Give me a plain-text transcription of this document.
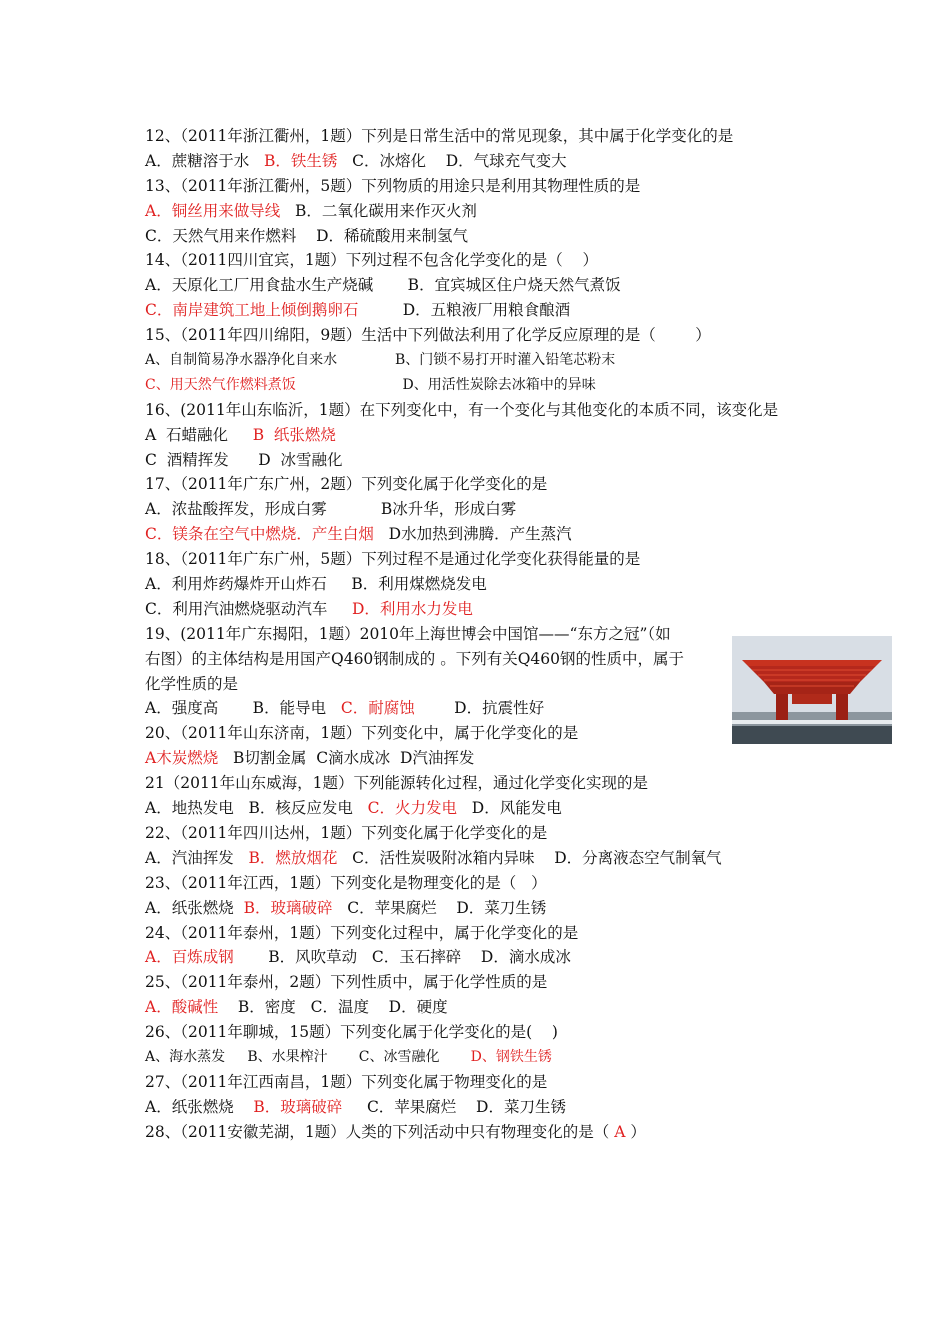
12、（2011年浙江衢州，1题）下列是日常生活中的常见现象，其中属于化学变化的是
A．蔗糖溶于水   B．铁生锈   C．冰熔化    D．气球充气变大
13、（2011年浙江衢州，5题）下列物质的用途只是利用其物理性质的是
A．铜丝用来做导线   B．二氧化碳用来作灭火剂
C．天然气用来作燃料    D．稀硫酸用来制氢气
14、（2011四川宜宾，1题）下列过程不包含化学变化的是（    ）
A．天原化工厂用食盐水生产烧碱       B．宜宾城区住户烧天然气煮饭
C．南岸建筑工地上倾倒鹅卵石         D．五粮液厂用粮食酿酒
15、（2011年四川绵阳，9题）生活中下列做法利用了化学反应原理的是（        ）
A、自制简易净水器净化自来水             B、门锁不易打开时灌入铅笔芯粉末
C、用天然气作燃料煮饭                        D、用活性炭除去冰箱中的异味
16、(2011年山东临沂，1题）在下列变化中，有一个变化与其他变化的本质不同，该变化是
A  石蜡融化     B  纸张燃烧
C  酒精挥发      D  冰雪融化
17、（2011年广东广州，2题）下列变化属于化学变化的是
A．浓盐酸挥发，形成白雾           B冰升华，形成白雾
C．镁条在空气中燃烧．产生白烟   D水加热到沸腾．产生蒸汽
18、（2011年广东广州，5题）下列过程不是通过化学变化获得能量的是
A．利用炸药爆炸开山炸石     B．利用煤燃烧发电
C．利用汽油燃烧驱动汽车     D．利用水力发电
19、(2011年广东揭阳，1题）2010年上海世博会中国馆——“东方之冠”（如
右图）的主体结构是用国产Q460钢制成的 。下列有关Q460钢的性质中，属于
化学性质的是
A．强度高       B．能导电   C．耐腐蚀        D．抗震性好
20、（2011年山东济南，1题）下列变化中，属于化学变化的是
A木炭燃烧   B切割金属  C滴水成冰  D汽油挥发
21（2011年山东威海，1题）下列能源转化过程，通过化学变化实现的是
A．地热发电   B．核反应发电   C．火力发电   D．风能发电
22、（2011年四川达州，1题）下列变化属于化学变化的是
A．汽油挥发   B．燃放烟花   C．活性炭吸附冰箱内异味    D．分离液态空气制氧气
23、（2011年江西，1题）下列变化是物理变化的是（   ）
A．纸张燃烧  B．玻璃破碎   C．苹果腐烂    D．菜刀生锈
24、（2011年泰州，1题）下列变化过程中，属于化学变化的是
A．百炼成钢       B．风吹草动   C．玉石摔碎    D．滴水成冰
25、（2011年泰州，2题）下列性质中，属于化学性质的是
A．酸碱性    B．密度   C．温度    D．硬度
26、（2011年聊城，15题）下列变化属于化学变化的是(    )
A、海水蒸发     B、水果榨汁       C、冰雪融化       D、钢铁生锈
27、（2011年江西南昌，1题）下列变化属于物理变化的是
A．纸张燃烧    B．玻璃破碎     C．苹果腐烂    D．菜刀生锈
28、（2011安徽芜湖，1题）人类的下列活动中只有物理变化的是（ A ）
